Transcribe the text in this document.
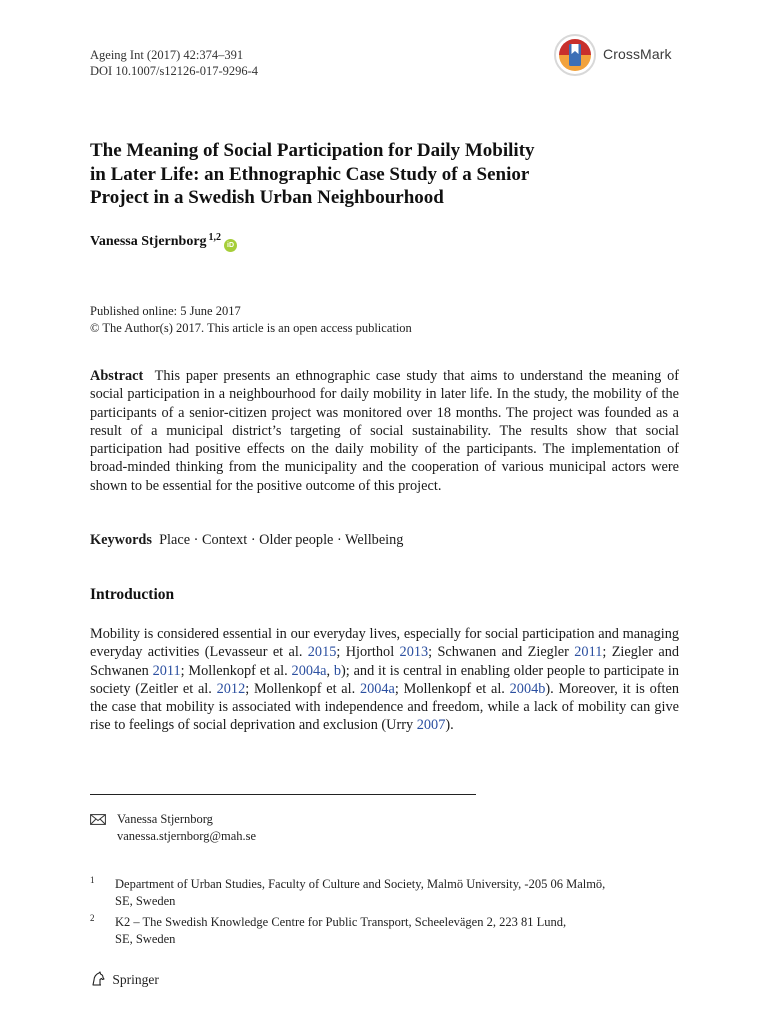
Ageing Int (2017) 42:374–391
DOI 10.1007/s12126-017-9296-4
CrossMark
The Meaning of Social Participation for Daily Mobility
in Later Life: an Ethnographic Case Study of a Senior
Project in a Swedish Urban Neighbourhood
Vanessa Stjernborg $^{1,2}$iD
Published online: 5 June 2017
© The Author(s) 2017. This article is an open access publication
Abstract This paper presents an ethnographic case study that aims to understand the meaning of social participation in a neighbourhood for daily mobility in later life. In the study, the mobility of the participants of a senior-citizen project was monitored over 18 months. The project was founded as a result of a municipal district’s targeting of social sustainability. The results show that social participation had positive effects on the daily mobility of the participants. The implementation of broad-minded thinking from the municipality and the cooperation of various municipal actors were shown to be essential for the positive outcome of this project.
Keywords Place · Context · Older people · Wellbeing
Introduction
Mobility is considered essential in our everyday lives, especially for social participation and managing everyday activities (Levasseur et al. 2015; Hjorthol 2013; Schwanen and Ziegler 2011; Ziegler and Schwanen 2011; Mollenkopf et al. 2004a, b); and it is central in enabling older people to participate in society (Zeitler et al. 2012; Mollenkopf et al. 2004a; Mollenkopf et al. 2004b). Moreover, it is often the case that mobility is associated with independence and freedom, while a lack of mobility can give rise to feelings of social deprivation and exclusion (Urry 2007).
Vanessa Stjernborg
vanessa.stjernborg@mah.se
1 Department of Urban Studies, Faculty of Culture and Society, Malmö University, -205 06 Malmö,
SE, Sweden
2 K2 – The Swedish Knowledge Centre for Public Transport, Scheelevägen 2, 223 81 Lund,
SE, Sweden
Springer
